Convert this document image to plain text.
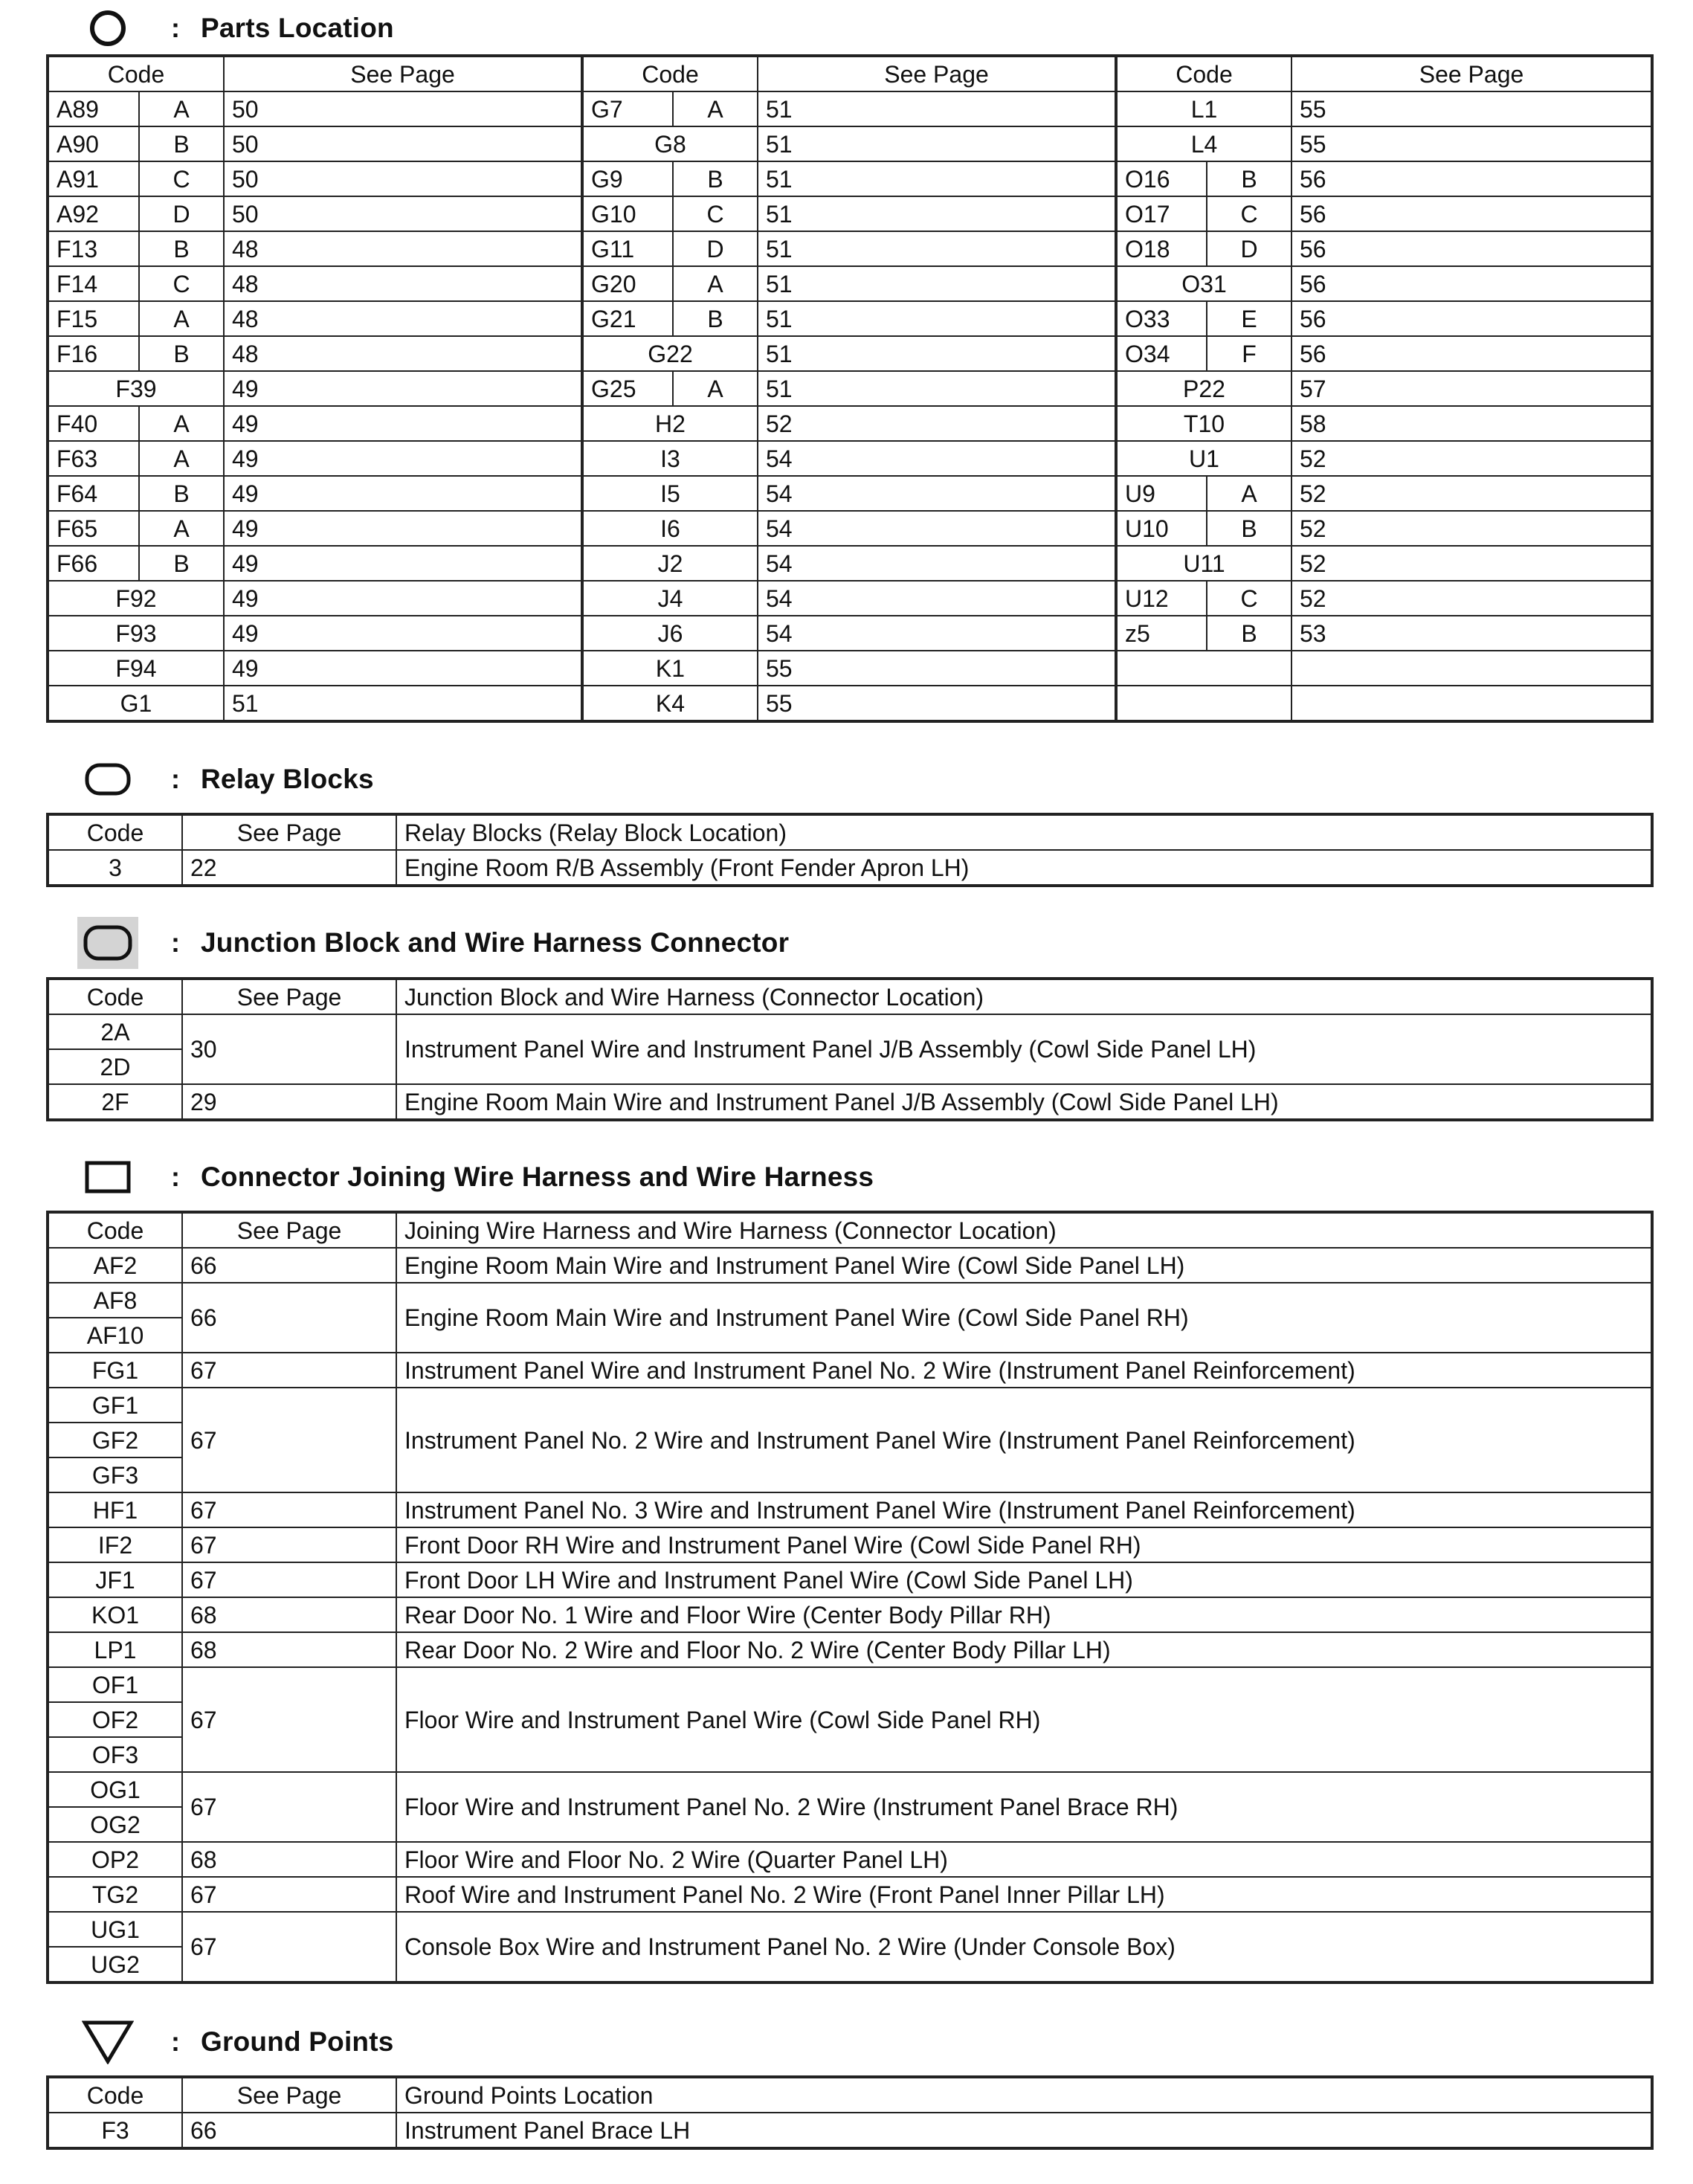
: Parts Location
Code		See Page	Code		See Page	Code		See Page
A89	A	50	G7	A	51	L1		55
A90	B	50	G8		51	L4		55
A91	C	50	G9	B	51	O16	B	56
A92	D	50	G10	C	51	O17	C	56
F13	B	48	G11	D	51	O18	D	56
F14	C	48	G20	A	51	O31		56
F15	A	48	G21	B	51	O33	E	56
F16	B	48	G22		51	O34	F	56
F39		49	G25	A	51	P22		57
F40	A	49	H2		52	T10		58
F63	A	49	I3		54	U1		52
F64	B	49	I5		54	U9	A	52
F65	A	49	I6		54	U10	B	52
F66	B	49	J2		54	U11		52
F92		49	J4		54	U12	C	52
F93		49	J6		54	z5	B	53
F94		49	K1		55			
G1		51	K4		55			
: Relay Blocks
Code	See Page	Relay Blocks (Relay Block Location)
3	22	Engine Room R/B Assembly (Front Fender Apron LH)
: Junction Block and Wire Harness Connector
Code	See Page	Junction Block and Wire Harness (Connector Location)
2A	30	Instrument Panel Wire and Instrument Panel J/B Assembly (Cowl Side Panel LH)
2D		
2F	29	Engine Room Main Wire and Instrument Panel J/B Assembly (Cowl Side Panel LH)
: Connector Joining Wire Harness and Wire Harness
Code	See Page	Joining Wire Harness and Wire Harness (Connector Location)
AF2	66	Engine Room Main Wire and Instrument Panel Wire (Cowl Side Panel LH)
AF8	66	Engine Room Main Wire and Instrument Panel Wire (Cowl Side Panel RH)
AF10		
FG1	67	Instrument Panel Wire and Instrument Panel No. 2 Wire (Instrument Panel Reinforcement)
GF1	67	Instrument Panel No. 2 Wire and Instrument Panel Wire (Instrument Panel Reinforcement)
GF2		
GF3		
HF1	67	Instrument Panel No. 3 Wire and Instrument Panel Wire (Instrument Panel Reinforcement)
IF2	67	Front Door RH Wire and Instrument Panel Wire (Cowl Side Panel RH)
JF1	67	Front Door LH Wire and Instrument Panel Wire (Cowl Side Panel LH)
KO1	68	Rear Door No. 1 Wire and Floor Wire (Center Body Pillar RH)
LP1	68	Rear Door No. 2 Wire and Floor No. 2 Wire (Center Body Pillar LH)
OF1	67	Floor Wire and Instrument Panel Wire (Cowl Side Panel RH)
OF2		
OF3		
OG1	67	Floor Wire and Instrument Panel No. 2 Wire (Instrument Panel Brace RH)
OG2		
OP2	68	Floor Wire and Floor No. 2 Wire (Quarter Panel LH)
TG2	67	Roof Wire and Instrument Panel No. 2 Wire (Front Panel Inner Pillar LH)
UG1	67	Console Box Wire and Instrument Panel No. 2 Wire (Under Console Box)
UG2		
: Ground Points
Code	See Page	Ground Points Location
F3	66	Instrument Panel Brace LH
